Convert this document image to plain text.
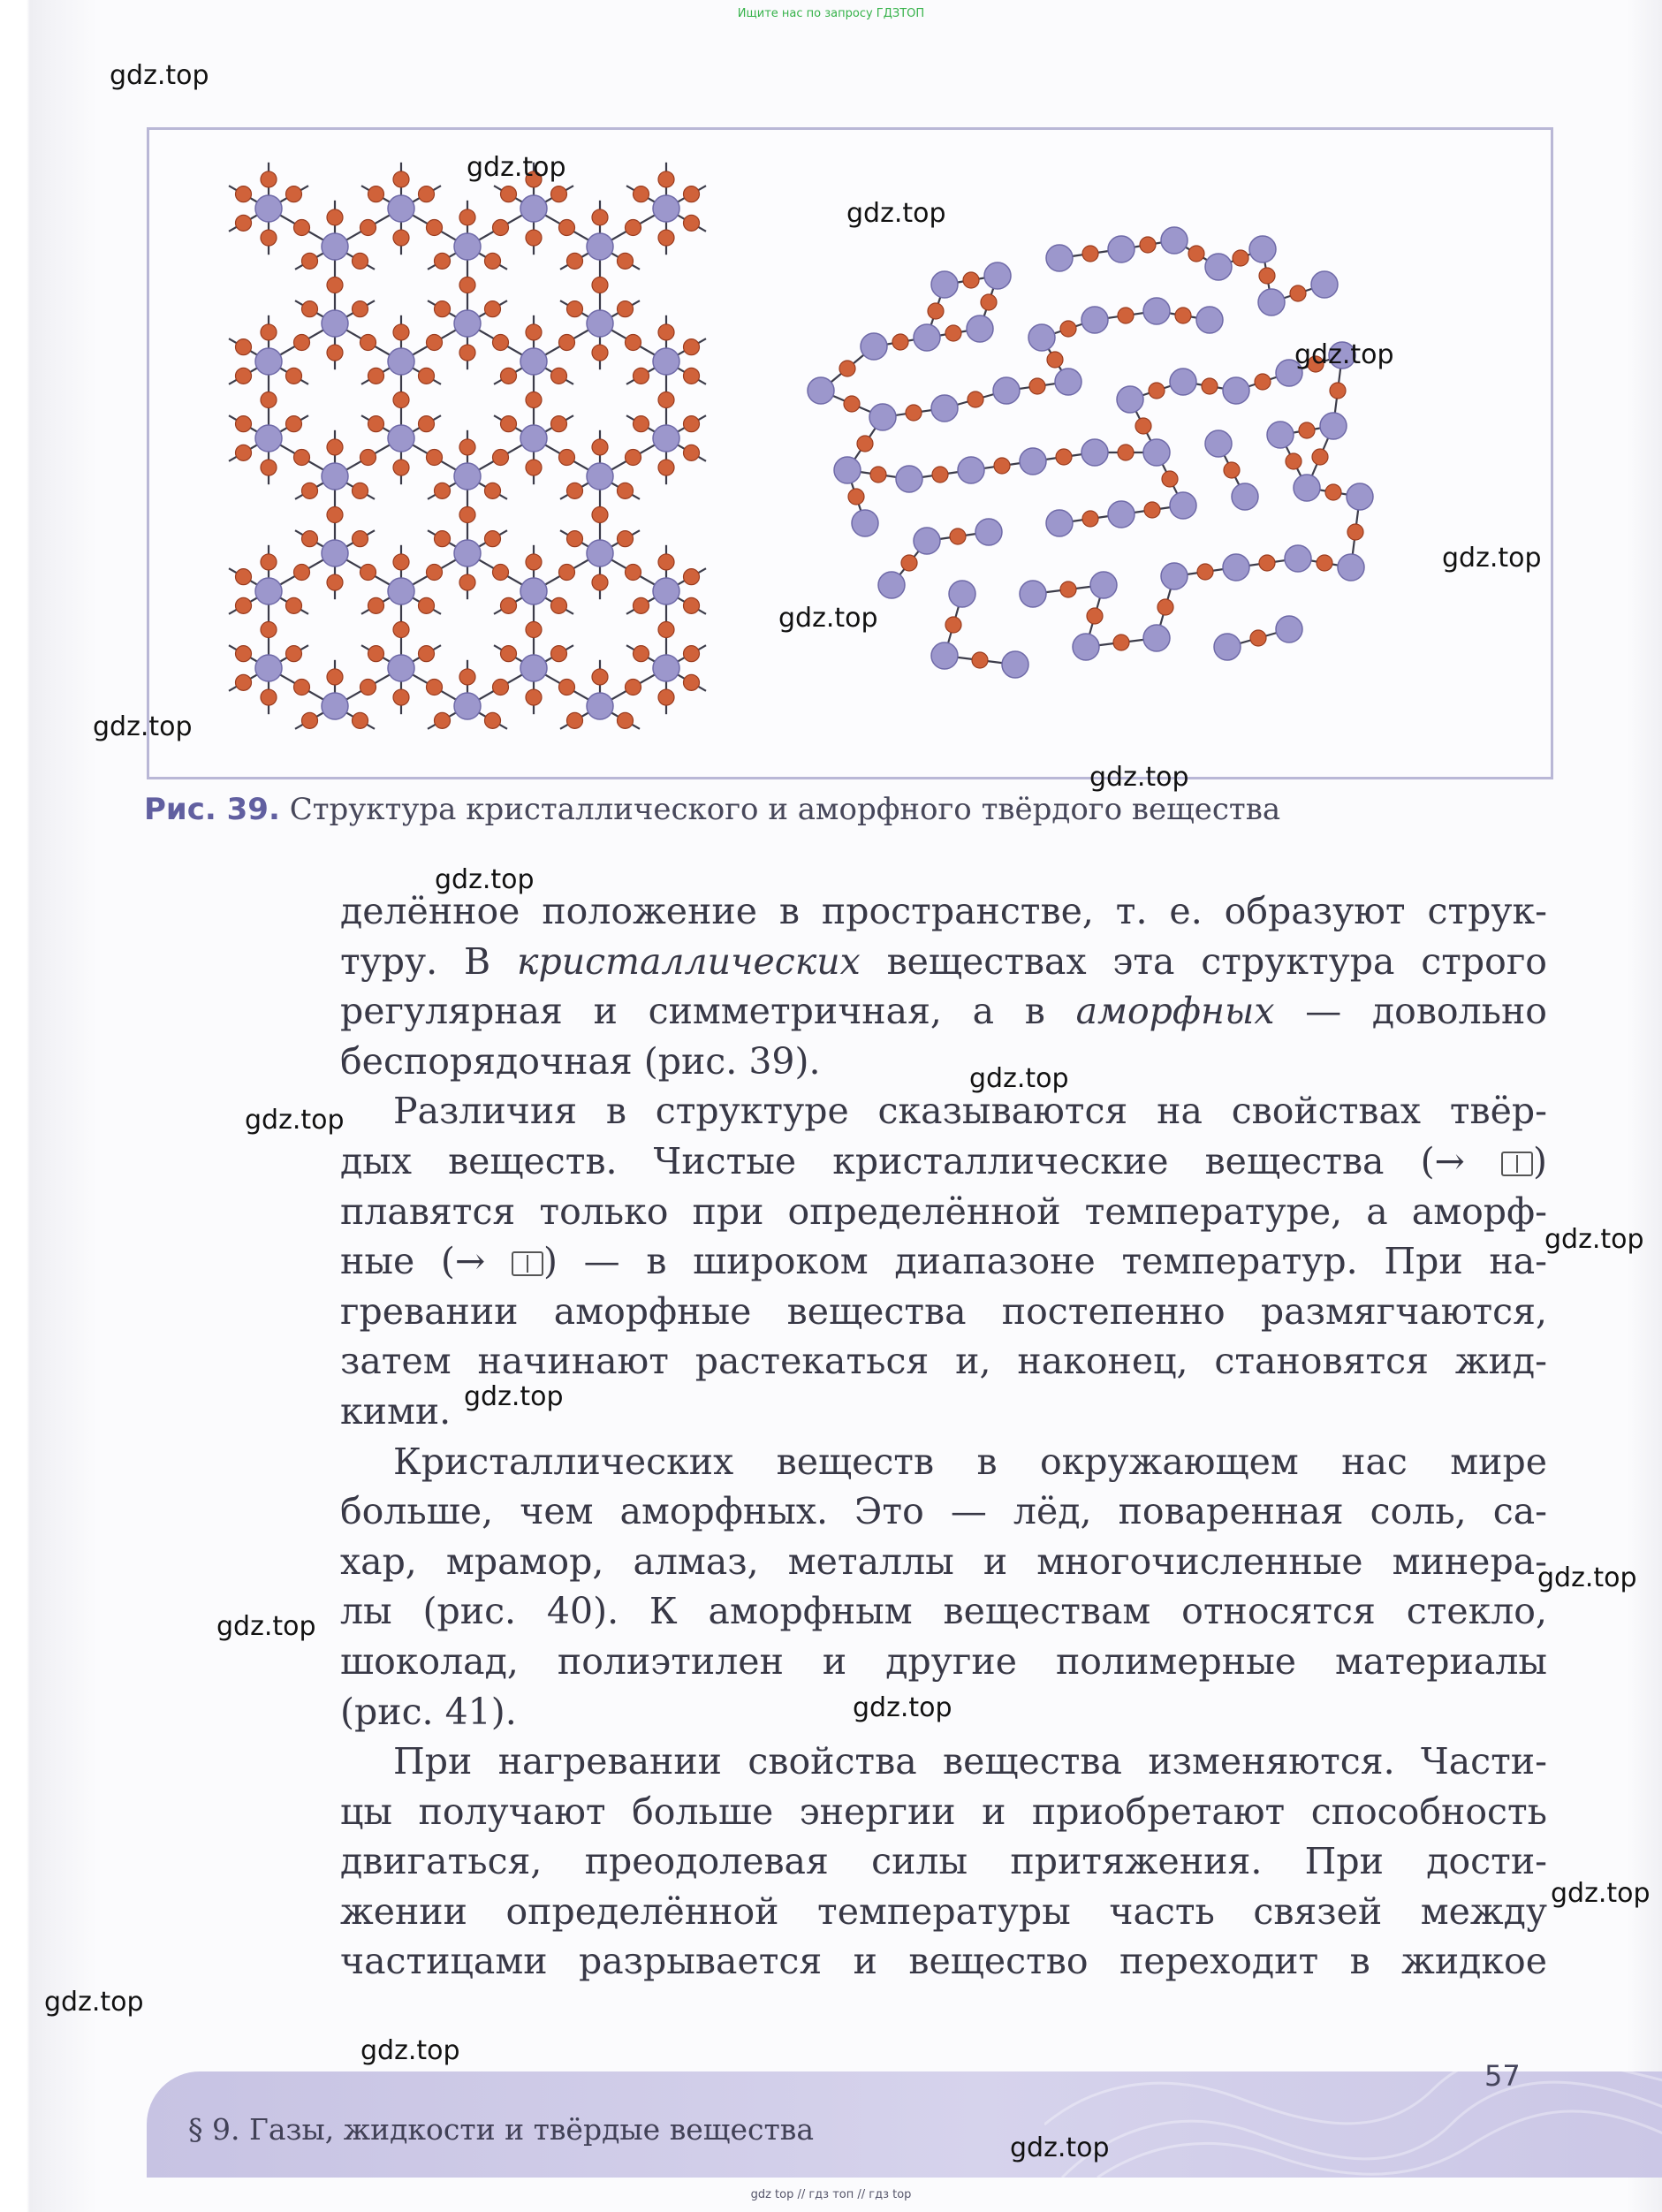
Ищите нас по запросу ГДЗТОП
Рис. 39. Структура кристаллического и аморфного твёрдого вещества

делённое положение в пространстве, т. е. образуют струк-
туру. В кристаллических веществах эта структура строго
регулярная и симметричная, а в аморфных — довольно
беспорядочная (рис. 39).

Различия в структуре сказываются на свойствах твёр-
дых веществ. Чистые кристаллические вещества (→ )
плавятся только при определённой температуре, а аморф-
ные (→ ) — в широком диапазоне температур. При на-
гревании аморфные вещества постепенно размягчаются,
затем начинают растекаться и, наконец, становятся жид-
кими.

Кристаллических веществ в окружающем нас мире
больше, чем аморфных. Это — лёд, поваренная соль, са-
хар, мрамор, алмаз, металлы и многочисленные минера-
лы (рис. 40). К аморфным веществам относятся стекло,
шоколад, полиэтилен и другие полимерные материалы
(рис. 41).

При нагревании свойства вещества изменяются. Части-
цы получают больше энергии и приобретают способность
двигаться, преодолевая силы притяжения. При дости-
жении определённой температуры часть связей между
частицами разрывается и вещество переходит в жидкое

57
§ 9. Газы, жидкости и твёрдые вещества
gdz top // гдз топ // гдз top
gdz.top
gdz.top
gdz.top
gdz.top
gdz.top
gdz.top
gdz.top
gdz.top
gdz.top
gdz.top
gdz.top
gdz.top
gdz.top
gdz.top
gdz.top
gdz.top
gdz.top
gdz.top
gdz.top
gdz.top
